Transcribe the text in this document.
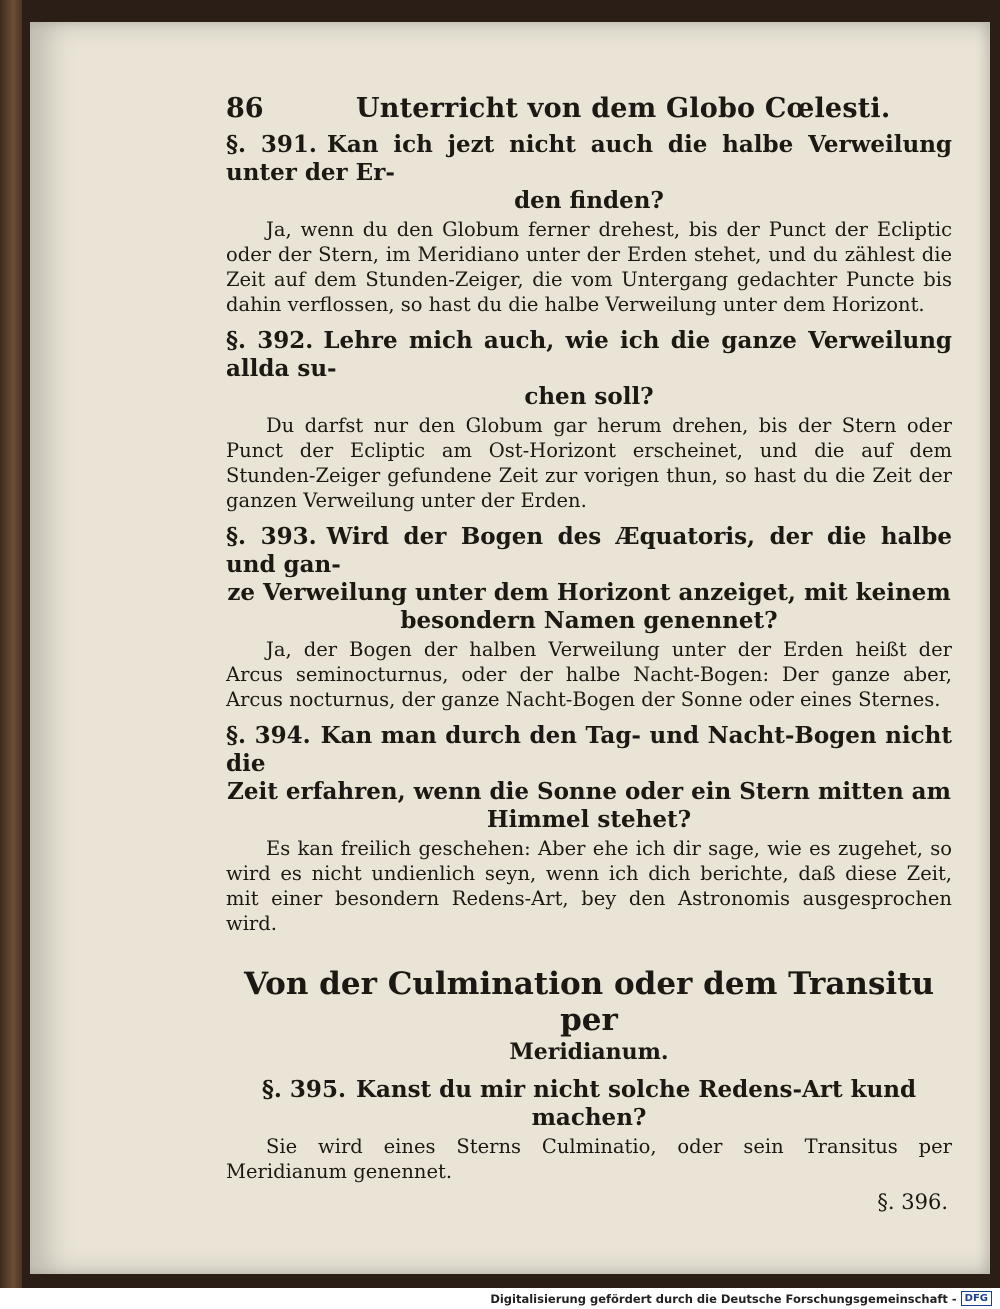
86	Unterricht von dem Globo Cœlesti.
§. 391. Kan ich jezt nicht auch die halbe Verweilung unter der Er-
den finden?

Ja, wenn du den Globum ferner drehest, bis der Punct der Ecliptic oder der Stern, im Meridiano unter der Erden stehet, und du zählest die Zeit auf dem Stunden-Zeiger, die vom Untergang gedachter Puncte bis dahin verflossen, so hast du die halbe Verweilung unter dem Horizont.

§. 392. Lehre mich auch, wie ich die ganze Verweilung allda su-
chen soll?

Du darfst nur den Globum gar herum drehen, bis der Stern oder Punct der Ecliptic am Ost-Horizont erscheinet, und die auf dem Stunden-Zeiger gefundene Zeit zur vorigen thun, so hast du die Zeit der ganzen Verweilung unter der Erden.

§. 393. Wird der Bogen des Æquatoris, der die halbe und gan-
ze Verweilung unter dem Horizont anzeiget, mit keinem besondern Namen genennet?

Ja, der Bogen der halben Verweilung unter der Erden heißt der Arcus seminocturnus, oder der halbe Nacht-Bogen: Der ganze aber, Arcus nocturnus, der ganze Nacht-Bogen der Sonne oder eines Sternes.

§. 394. Kan man durch den Tag- und Nacht-Bogen nicht die
Zeit erfahren, wenn die Sonne oder ein Stern mitten am Himmel stehet?

Es kan freilich geschehen: Aber ehe ich dir sage, wie es zugehet, so wird es nicht undienlich seyn, wenn ich dich berichte, daß diese Zeit, mit einer besondern Redens-Art, bey den Astronomis ausgesprochen wird.

Von der Culmination oder dem Transitu per
Meridianum.
§. 395. Kanst du mir nicht solche Redens-Art kund machen?

Sie wird eines Sterns Culminatio, oder sein Transitus per Meridianum genennet.

§. 396.
Digitalisierung gefördert durch die Deutsche Forschungsgemeinschaft - DFG
